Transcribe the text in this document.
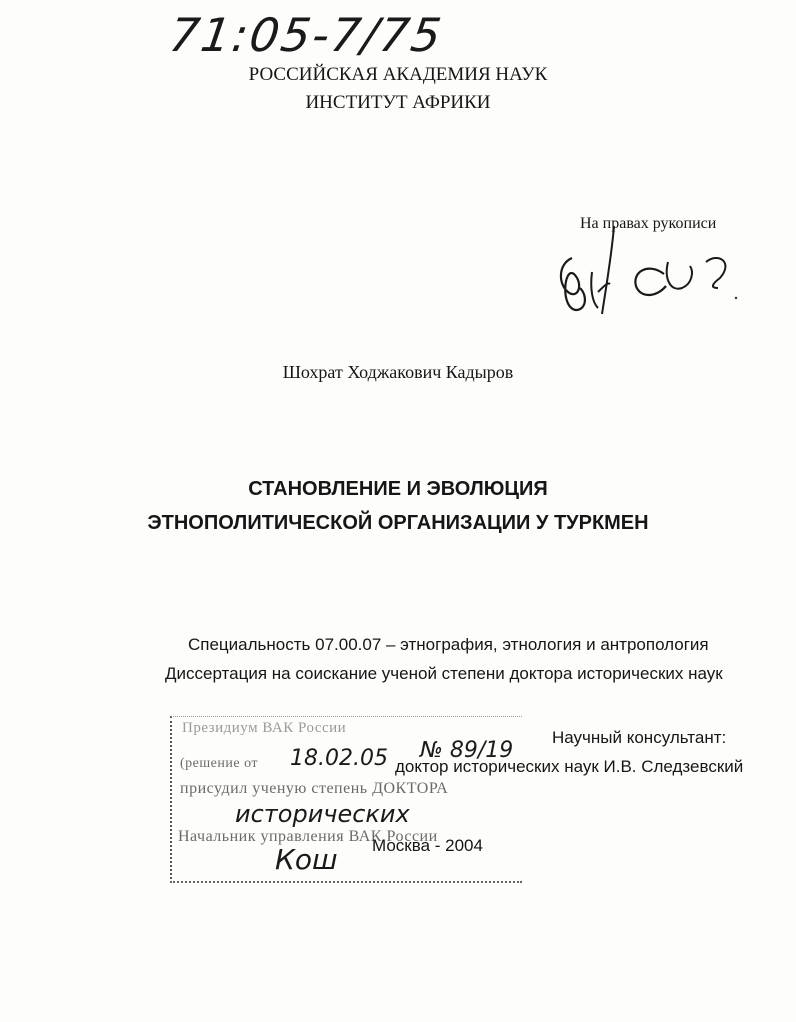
71:05-7/75
РОССИЙСКАЯ АКАДЕМИЯ НАУК
ИНСТИТУТ АФРИКИ
На правах рукописи
Шохрат Ходжакович Кадыров
СТАНОВЛЕНИЕ И ЭВОЛЮЦИЯ
ЭТНОПОЛИТИЧЕСКОЙ ОРГАНИЗАЦИИ У ТУРКМЕН
Специальность 07.00.07 – этнография, этнология и антропология
Диссертация на соискание ученой степени доктора исторических наук
Президиум ВАК России
(решение от
присудил ученую степень ДОКТОРА
Начальник управления ВАК России
18.02.05 № 89/19
исторических
Кош
Научный консультант:
доктор исторических наук И.В. Следзевский
Москва - 2004
